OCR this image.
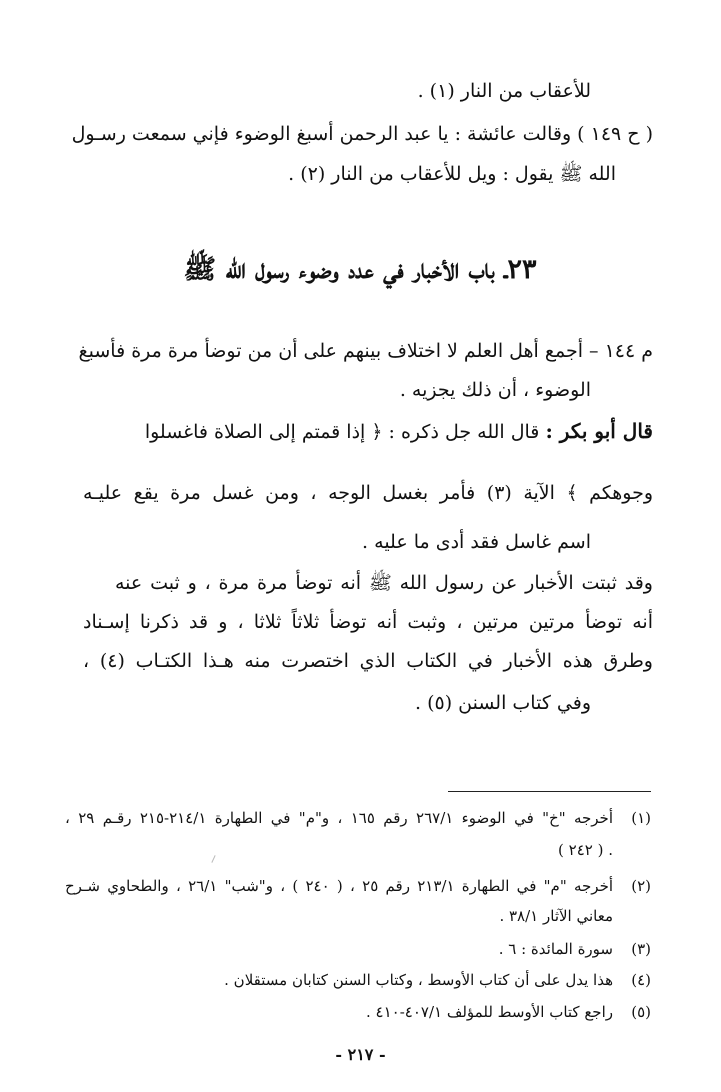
للأعقاب من النار (١) .
( ح ١٤٩ ) وقالت عائشة : يا عبد الرحمن أسبغ الوضوء فإني سمعت رسـول
الله ﷺ يقول : ويل للأعقاب من النار (٢) .
٢٣ـ باب الأخبار في عدد وضوء رسول الله ﷺ
م ١٤٤ – أجمع أهل العلم لا اختلاف بينهم على أن من توضأ مرة مرة فأسبغ
الوضوء ، أن ذلك يجزيه .
قال أبو بكر : قال الله جل ذكره : ﴿ إذا قمتم إلى الصلاة فاغسلوا
وجوهكم ﴾ الآية (٣) فأمر بغسل الوجه ، ومن غسل مرة يقع عليـه
اسم غاسل فقد أدى ما عليه .
وقد ثبتت الأخبار عن رسول الله ﷺ أنه توضأ مرة مرة ، و ثبت عنه
أنه توضأ مرتين مرتين ، وثبت أنه توضأ ثلاثاً ثلاثا ، و قد ذكرنا إسـناد
وطرق هذه الأخبار في الكتاب الذي اختصرت منه هـذا الكتـاب (٤) ،
وفي كتاب السنن (٥) .
(١)
أخرجه "خ" في الوضوء ٢٦٧/١ رقم ١٦٥ ، و"م" في الطهارة ٢١٤/١-٢١٥ رقـم ٢٩ ،
( ٢٤٢ ) .
(٢)
أخرجه "م" في الطهارة ٢١٣/١ رقم ٢٥ ، ( ٢٤٠ ) ، و"شب" ٢٦/١ ، والطحاوي شـرح
معاني الآثار ٣٨/١ .
(٣)
سورة المائدة : ٦ .
(٤)
هذا يدل على أن كتاب الأوسط ، وكتاب السنن كتابان مستقلان .
(٥)
راجع كتاب الأوسط للمؤلف ٤٠٧/١-٤١٠ .
- ٢١٧ -
